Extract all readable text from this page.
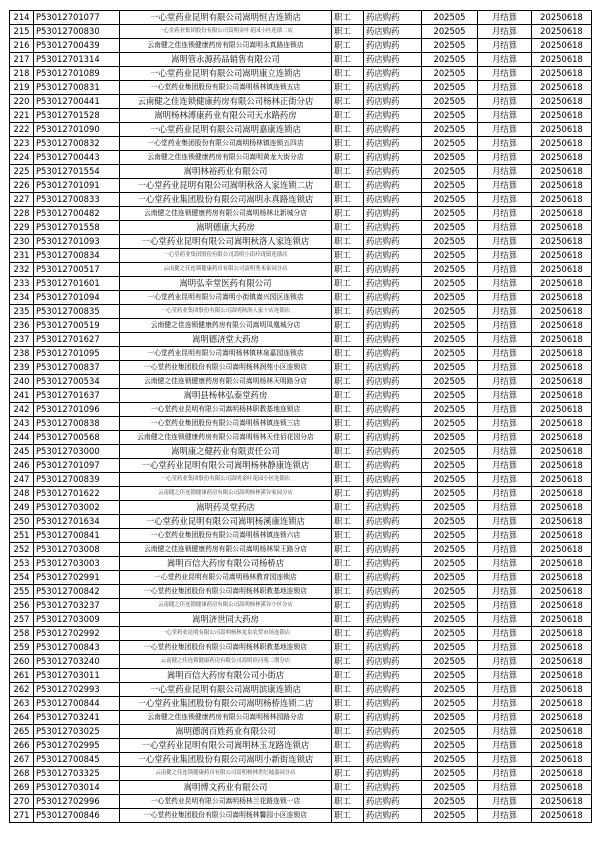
214	P53012701077	一心堂药业昆明有限公司嵩明恒吉连锁店	职工	药店购药	202505	月结算	20250618
215	P53012700830	一心堂药业集团股份有限公司嵩明金叶花园小区连锁二店	职工	药店购药	202505	月结算	20250618
216	P53012700439	云南健之佳连锁健康药房有限公司嵩明永真路连锁店	职工	药店购药	202505	月结算	20250618
217	P53012701314	嵩明管永源药品销售有限公司	职工	药店购药	202505	月结算	20250618
218	P53012701089	一心堂药业昆明有限公司嵩明康立连锁店	职工	药店购药	202505	月结算	20250618
219	P53012700831	一心堂药业集团股份有限公司嵩明杨林镇连锁五店	职工	药店购药	202505	月结算	20250618
220	P53012700441	云南健之佳连锁健康药房有限公司杨林正街分店	职工	药店购药	202505	月结算	20250618
221	P53012701528	嵩明杨林溥康药业有限公司天水路药房	职工	药店购药	202505	月结算	20250618
222	P53012701090	一心堂药业昆明有限公司嵩明嘉康连锁店	职工	药店购药	202505	月结算	20250618
223	P53012700832	一心堂药业集团股份有限公司嵩明杨林镇连锁五四店	职工	药店购药	202505	月结算	20250618
224	P53012700443	云南健之佳连锁健康药房有限公司嵩明黄龙大街分店	职工	药店购药	202505	月结算	20250618
225	P53012701554	嵩明林裕药业有限公司	职工	药店购药	202505	月结算	20250618
226	P53012701091	一心堂药业昆明有限公司嵩明秋洛人家连锁二店	职工	药店购药	202505	月结算	20250618
227	P53012700833	一心堂药业集团股份有限公司嵩明永真路连锁店	职工	药店购药	202505	月结算	20250618
228	P53012700482	云南健之佳连锁健康药房有限公司嵩明杨林北新城分店	职工	药店购药	202505	月结算	20250618
229	P53012701558	嵩明德康大药房	职工	药店购药	202505	月结算	20250618
230	P53012701093	一心堂药业昆明有限公司嵩明秋洛人家连锁店	职工	药店购药	202505	月结算	20250618
231	P53012700834	一心堂药业集团股份有限公司嵩明小街玲珑镇连锁店	职工	药店购药	202505	月结算	20250618
232	P53012700517	云南健之佳连锁健康药房有限公司嵩明秀禾家园分店	职工	药店购药	202505	月结算	20250618
233	P53012701601	嵩明弘幸堂医药有限公司	职工	药店购药	202505	月结算	20250618
234	P53012701094	一心堂药业昆明有限公司嵩明小街镇嵩兴园区连锁店	职工	药店购药	202505	月结算	20250618
235	P53012700835	一心堂药业集团股份有限公司嵩明秋洛人家十店连锁店	职工	药店购药	202505	月结算	20250618
236	P53012700519	云南健之佳连锁健康药房有限公司嵩明凤凰城分店	职工	药店购药	202505	月结算	20250618
237	P53012701627	嵩明德济堂大药房	职工	药店购药	202505	月结算	20250618
238	P53012701095	一心堂药业昆明有限公司嵩明杨林镇林泉嘉园连锁店	职工	药店购药	202505	月结算	20250618
239	P53012700837	一心堂药业集团股份有限公司嵩明杨林润苑小区连锁店	职工	药店购药	202505	月结算	20250618
240	P53012700534	云南健之佳连锁健康药房有限公司嵩明杨林天明路分店	职工	药店购药	202505	月结算	20250618
241	P53012701637	嵩明县杨林弘泰堂药房	职工	药店购药	202505	月结算	20250618
242	P53012701096	一心堂药业昆明有限公司嵩明杨林职教基地连锁店	职工	药店购药	202505	月结算	20250618
243	P53012700838	一心堂药业集团股份有限公司嵩明杨林镇连锁三店	职工	药店购药	202505	月结算	20250618
244	P53012700568	云南健之佳连锁健康药房有限公司嵩明杨林天佳佰花园分店	职工	药店购药	202505	月结算	20250618
245	P53012703000	嵩明康之健药业有限责任公司	职工	药店购药	202505	月结算	20250618
246	P53012701097	一心堂药业昆明有限公司嵩明杨林静康连锁店	职工	药店购药	202505	月结算	20250618
247	P53012700839	一心堂药业集团股份有限公司嵩明金叶花园小区连锁店	职工	药店购药	202505	月结算	20250618
248	P53012701622	云南健之佳连锁健康药房有限公司嵩明杨林溪谷家园分店	职工	药店购药	202505	月结算	20250618
249	P53012703002	嵩明药灵堂药店	职工	药店购药	202505	月结算	20250618
250	P53012701634	一心堂药业昆明有限公司嵩明杨溪康连锁店	职工	药店购药	202505	月结算	20250618
251	P53012700841	一心堂药业集团股份有限公司嵩明杨林镇连锁六店	职工	药店购药	202505	月结算	20250618
252	P53012703008	云南健之佳连锁健康药房有限公司嵩明杨林梁王路分店	职工	药店购药	202505	月结算	20250618
253	P53012703003	嵩明百信大药房有限公司杨桥店	职工	药店购药	202505	月结算	20250618
254	P53012702991	一心堂药业昆明有限公司嵩明杨林教育园连锁店	职工	药店购药	202505	月结算	20250618
255	P53012700842	一心堂药业集团股份有限公司嵩明杨林职教基地连锁店	职工	药店购药	202505	月结算	20250618
256	P53012703237	云南健之佳连锁健康药房有限公司嵩明杨林溪谷小区分店	职工	药店购药	202505	月结算	20250618
257	P53012703009	嵩明济世同大药房	职工	药店购药	202505	月结算	20250618
258	P53012702992	一心堂药业昆明有限公司嵩明杨林龙泉农贸市场连锁店	职工	药店购药	202505	月结算	20250618
259	P53012700843	一心堂药业集团股份有限公司嵩明杨林职教基地连锁店	职工	药店购药	202505	月结算	20250618
260	P53012703240	云南健之佳连锁健康药房有限公司嵩明滨河苑二期分店	职工	药店购药	202505	月结算	20250618
261	P53012703011	嵩明百信大药房有限公司小街店	职工	药店购药	202505	月结算	20250618
262	P53012702993	一心堂药业昆明有限公司嵩明滨康连锁店	职工	药店购药	202505	月结算	20250618
263	P53012700844	一心堂药业集团股份有限公司嵩明杨桥连锁二店	职工	药店购药	202505	月结算	20250618
264	P53012703241	云南健之佳连锁健康药房有限公司嵩明杨林园路分店	职工	药店购药	202505	月结算	20250618
265	P53012703025	嵩明德润百姓药业有限公司	职工	药店购药	202505	月结算	20250618
266	P53012702995	一心堂药业昆明有限公司嵩明林玉龙路连锁店	职工	药店购药	202505	月结算	20250618
267	P53012700845	一心堂药业集团股份有限公司嵩明小新街连锁店	职工	药店购药	202505	月结算	20250618
268	P53012703325	云南健之佳连锁健康药房有限公司嵩明杨林世纪城嘉园分店	职工	药店购药	202505	月结算	20250618
269	P53012703014	嵩明博文药业有限公司	职工	药店购药	202505	月结算	20250618
270	P53012702996	一心堂药业昆明有限公司嵩明杨林兰花路连锁一店	职工	药店购药	202505	月结算	20250618
271	P53012700846	一心堂药业集团股份有限公司嵩明杨林馨园小区连锁店	职工	药店购药	202505	月结算	20250618
